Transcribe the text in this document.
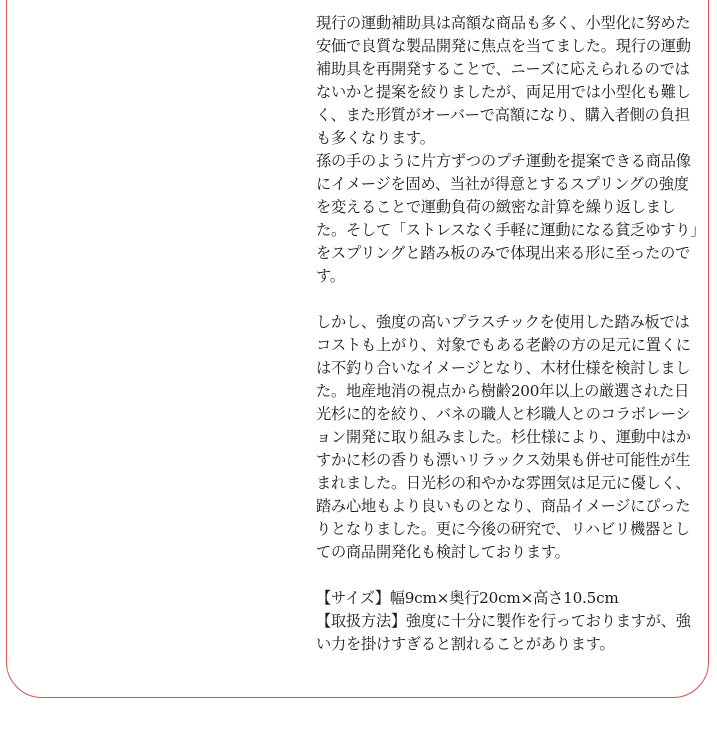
現行の運動補助具は高額な商品も多く、小型化に努めた安価で良質な製品開発に焦点を当てました。現行の運動補助具を再開発することで、ニーズに応えられるのではないかと提案を絞りましたが、両足用では小型化も難しく、また形質がオーバーで高額になり、購入者側の負担も多くなります。

孫の手のように片方ずつのプチ運動を提案できる商品像にイメージを固め、当社が得意とするスプリングの強度を変えることで運動負荷の緻密な計算を繰り返しました。そして「ストレスなく手軽に運動になる貧乏ゆすり」をスプリングと踏み板のみで体現出来る形に至ったのです。

しかし、強度の高いプラスチックを使用した踏み板ではコストも上がり、対象でもある老齢の方の足元に置くには不釣り合いなイメージとなり、木材仕様を検討しました。地産地消の視点から樹齢200年以上の厳選された日光杉に的を絞り、バネの職人と杉職人とのコラボレーション開発に取り組みました。杉仕様により、運動中はかすかに杉の香りも漂いリラックス効果も併せ可能性が生まれました。日光杉の和やかな雰囲気は足元に優しく、踏み心地もより良いものとなり、商品イメージにぴったりとなりました。更に今後の研究で、リハビリ機器としての商品開発化も検討しております。

【サイズ】幅9cm×奥行20cm×高さ10.5cm

【取扱方法】強度に十分に製作を行っておりますが、強い力を掛けすぎると割れることがあります。
